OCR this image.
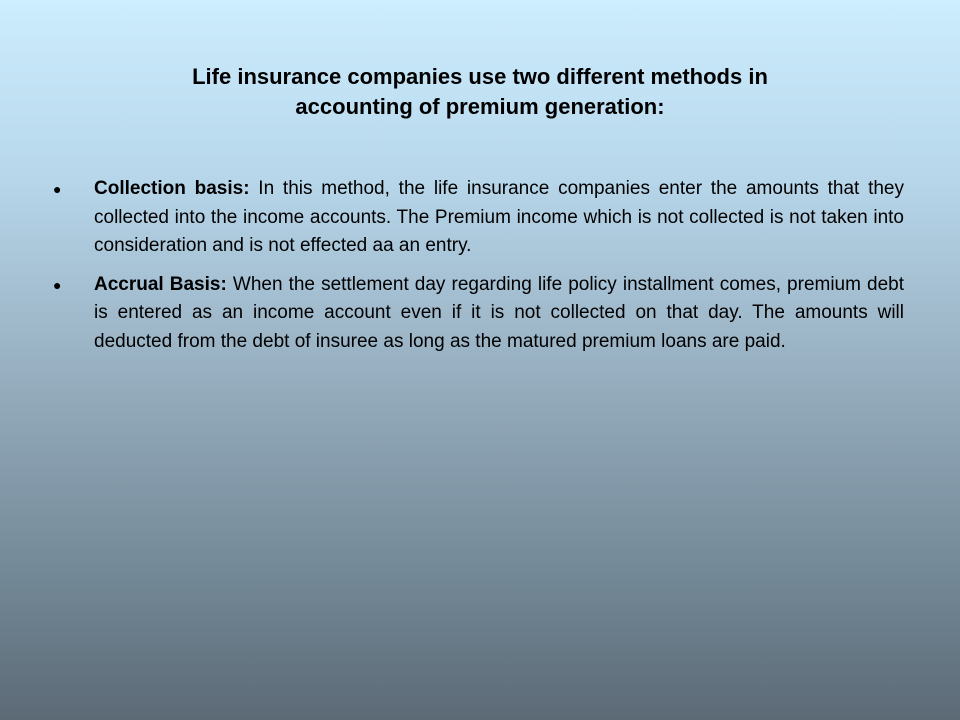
Life insurance companies use two different methods in
accounting of premium generation:
● Collection basis: In this method, the life insurance companies enter the amounts that they collected into the income accounts. The Premium income which is not collected is not taken into consideration and is not effected aa an entry.
● Accrual Basis: When the settlement day regarding life policy installment comes, premium debt is entered as an income account even if it is not collected on that day. The amounts will deducted from the debt of insuree as long as the matured premium loans are paid.
